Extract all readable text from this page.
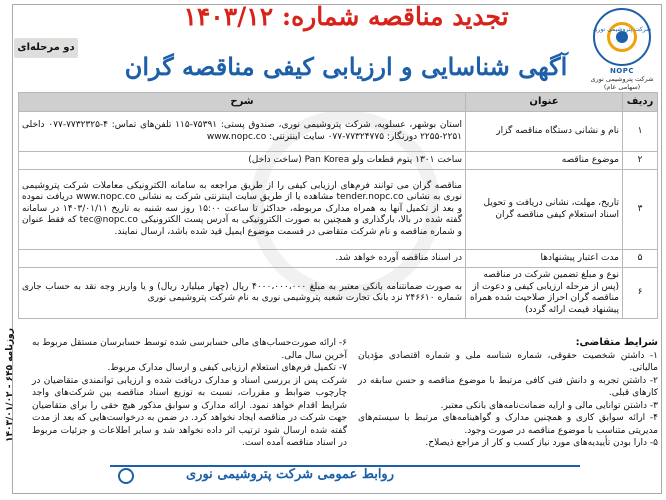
شرکت پتروشیمی نوری
NOPC
شرکت پتروشیمی نوری
(سهامی عام)
تجدید مناقصه شماره: ۱۴۰۳/۱۲
آگهی شناسایی و ارزیابی کیفی مناقصه گران
دو مرحله‌ای
ردیف	عنوان	شرح
۱	نام و نشانی دستگاه مناقصه گزار	استان بوشهر، عسلویه، شرکت پتروشیمی نوری، صندوق پستی: ۷۵۳۹۱-۱۱۵ تلفن‌های تماس: ۴-۷۷۳۲۳۲۵-۰۷۷ داخلی ۲۲۵۱-۲۲۵۵ دورنگار: ۷۷۳۲۴۷۷۵-۰۷۷ سایت اینترنتی: www.nopc.co
۲	موضوع مناقصه	ساخت ۱۳۰۱ پتوم قطعات ولو Pan Korea (ساخت داخل)
۳	تاریخ، مهلت، نشانی دریافت و تحویل اسناد استعلام کیفی مناقصه گران	مناقصه گران می توانند فرم‌های ارزیابی کیفی را از طریق مراجعه به سامانه الکترونیکی معاملات شرکت پتروشیمی نوری به نشانی tender.nopc.co مشاهده یا از طریق سایت اینترنتی شرکت به نشانی www.nopc.co دریافت نموده و بعد از تکمیل آنها به همراه مدارک مربوطه، حداکثر تا ساعت ۱۵:۰۰ روز سه شنبه به تاریخ ۱۴۰۳/۰۱/۱۱ در سامانه گفته شده در بالا، بارگذاری و همچنین به صورت الکترونیکی به آدرس پست الکترونیکی tec@nopc.co که فقط عنوان و شماره مناقصه و نام شرکت متقاضی در قسمت موضوع ایمیل قید شده باشد، ارسال نمایند.
۵	مدت اعتبار پیشنهادها	در اسناد مناقصه آورده خواهد شد.
۶	نوع و مبلغ تضمین شرکت در مناقصه (پس از مرحله ارزیابی کیفی و دعوت از مناقصه گران احراز صلاحیت شده همراه پیشنهاد قیمت ارائه گردد)	به صورت ضمانتنامه بانکی معتبر به مبلغ ۴۰۰۰،۰۰۰،۰۰۰ ریال (چهار میلیارد ریال) و یا واریز وجه نقد به حساب جاری شماره ۲۴۶۶۱۰ نزد بانک تجارت شعبه پتروشیمی نوری به نام شرکت پتروشیمی نوری
شرایط متقاضی:
۱- داشتن شخصیت حقوقی، شماره شناسه ملی و شماره اقتصادی مؤدیان مالیاتی.
۲- داشتن تجربه و دانش فنی کافی مرتبط با موضوع مناقصه و حسن سابقه در کارهای قبلی.
۳- داشتن توانایی مالی و ارایه ضمانت‌نامه‌های بانکی معتبر.
۴- ارائه سوابق کاری و همچنین مدارک و گواهینامه‌های مرتبط با سیستم‌های مدیریتی متناسب با موضوع مناقصه در صورت وجود.
۵- دارا بودن تأییدیه‌های مورد نیاز کسب و کار از مراجع ذیصلاح.
۶- ارائه صورت‌حساب‌های مالی حسابرسی شده توسط حسابرسان مستقل مربوط به آخرین سال مالی.
۷- تکمیل فرم‌های استعلام ارزیابی کیفی و ارسال مدارک مربوط.
شرکت پس از بررسی اسناد و مدارک دریافت شده و ارزیابی توانمندی متقاضیان در چارچوب ضوابط و مقررات، نسبت به توزیع اسناد مناقصه بین شرکت‌های واجد شرایط اقدام خواهد نمود. ارائه مدارک و سوابق مذکور هیچ حقی را برای متقاضیان جهت شرکت در مناقصه ایجاد نخواهد کرد. در ضمن به درخواست‌هایی که بعد از مدت گفته شده ارسال شود ترتیب اثر داده نخواهد شد و سایر اطلاعات و جزئیات مربوط در اسناد مناقصه آمده است.
روابط عمومی شرکت پتروشیمی نوری
روزنامه ۶۴۵ - ۱۴۰۳/۰۱/۰۲
